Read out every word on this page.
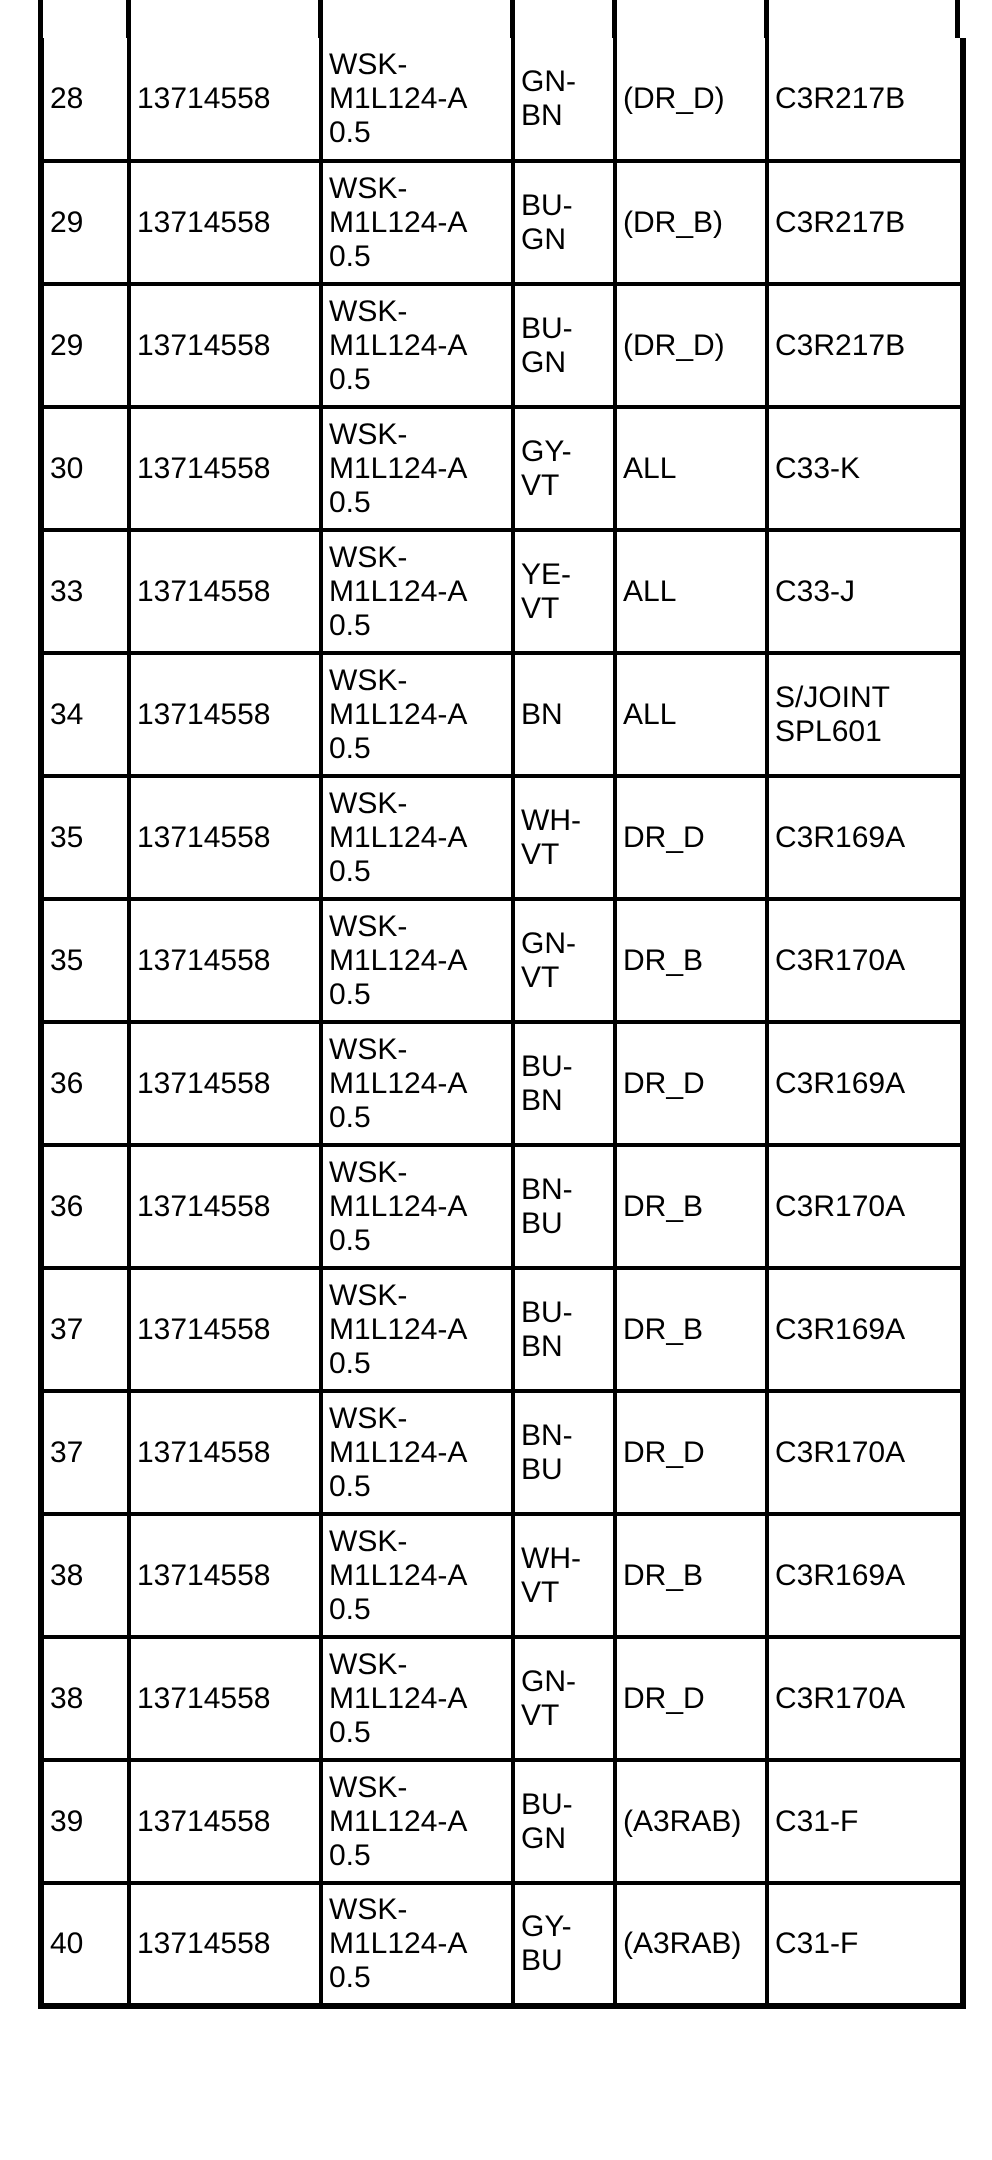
28	13714558	WSK- M1L124-A 0.5	GN- BN	(DR_D)	C3R217B
29	13714558	WSK- M1L124-A 0.5	BU- GN	(DR_B)	C3R217B
29	13714558	WSK- M1L124-A 0.5	BU- GN	(DR_D)	C3R217B
30	13714558	WSK- M1L124-A 0.5	GY- VT	ALL	C33-K
33	13714558	WSK- M1L124-A 0.5	YE- VT	ALL	C33-J
34	13714558	WSK- M1L124-A 0.5	BN	ALL	S/JOINT SPL601
35	13714558	WSK- M1L124-A 0.5	WH- VT	DR_D	C3R169A
35	13714558	WSK- M1L124-A 0.5	GN- VT	DR_B	C3R170A
36	13714558	WSK- M1L124-A 0.5	BU- BN	DR_D	C3R169A
36	13714558	WSK- M1L124-A 0.5	BN- BU	DR_B	C3R170A
37	13714558	WSK- M1L124-A 0.5	BU- BN	DR_B	C3R169A
37	13714558	WSK- M1L124-A 0.5	BN- BU	DR_D	C3R170A
38	13714558	WSK- M1L124-A 0.5	WH- VT	DR_B	C3R169A
38	13714558	WSK- M1L124-A 0.5	GN- VT	DR_D	C3R170A
39	13714558	WSK- M1L124-A 0.5	BU- GN	(A3RAB)	C31-F
40	13714558	WSK- M1L124-A 0.5	GY- BU	(A3RAB)	C31-F
